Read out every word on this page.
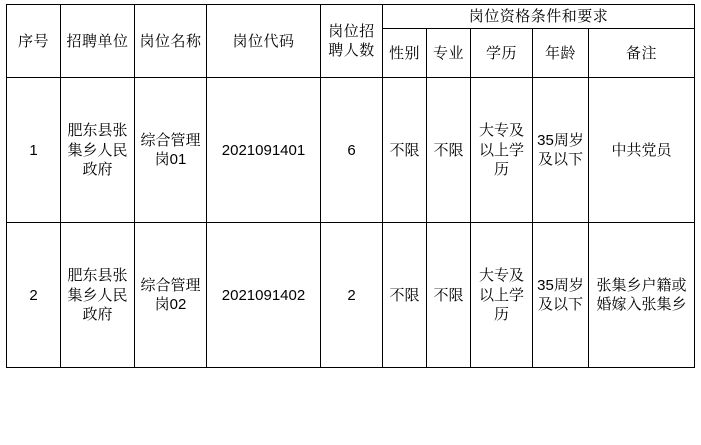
序号	招聘单位	岗位名称	岗位代码	岗位招聘人数	岗位资格条件和要求				
					性别	专业	学历	年龄	备注
1	肥东县张集乡人民政府	综合管理岗01	2021091401	6	不限	不限	大专及以上学历	35周岁及以下	中共党员
2	肥东县张集乡人民政府	综合管理岗02	2021091402	2	不限	不限	大专及以上学历	35周岁及以下	张集乡户籍或婚嫁入张集乡
